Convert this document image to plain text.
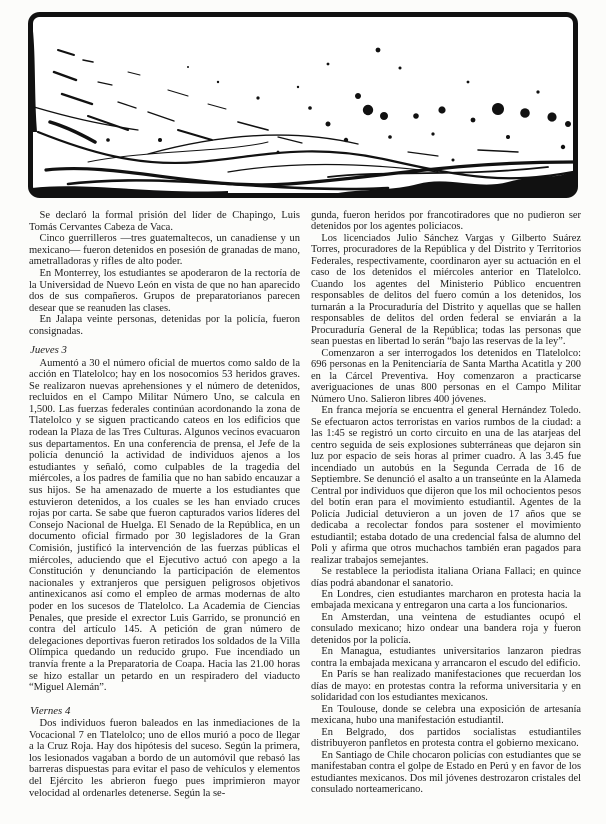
Se declaró la formal prisión del líder de Chapingo, Luis Tomás Cervantes Cabeza de Vaca.

Cinco guerrilleros —tres guatemaltecos, un canadiense y un mexicano— fueron detenidos en posesión de granadas de mano, ametralladoras y rifles de alto poder.

En Monterrey, los estudiantes se apoderaron de la rectoría de la Universidad de Nuevo León en vista de que no han aparecido dos de sus compañeros. Grupos de preparatorianos parecen desear que se reanuden las clases.

En Jalapa veinte personas, detenidas por la policía, fueron consignadas.

Jueves 3

Aumentó a 30 el número oficial de muertos como saldo de la acción en Tlatelolco; hay en los nosocomios 53 heridos graves. Se realizaron nuevas aprehensiones y el número de detenidos, recluidos en el Campo Militar Número Uno, se calcula en 1,500. Las fuerzas federales continúan acordonando la zona de Tlatelolco y se siguen practicando cateos en los edificios que rodean la Plaza de las Tres Culturas. Algunos vecinos evacuaron sus departamentos. En una conferencia de prensa, el Jefe de la policía denunció la actividad de individuos ajenos a los estudiantes y señaló, como culpables de la tragedia del miércoles, a los padres de familia que no han sabido encauzar a sus hijos. Se ha amenazado de muerte a los estudiantes que estuvieron detenidos, a los cuales se les han enviado cruces rojas por carta. Se sabe que fueron capturados varios líderes del Consejo Nacional de Huelga. El Senado de la República, en un documento oficial firmado por 30 legisladores de la Gran Comisión, justificó la intervención de las fuerzas públicas el miércoles, aduciendo que el Ejecutivo actuó con apego a la Constitución y denunciando la participación de elementos nacionales y extranjeros que persiguen peligrosos objetivos antinexicanos así como el empleo de armas modernas de alto poder en los sucesos de Tlatelolco. La Academia de Ciencias Penales, que preside el exrector Luis Garrido, se pronunció en contra del artículo 145. A petición de gran número de delegaciones deportivas fueron retirados los soldados de la Villa Olímpica quedando un reducido grupo. Fue incendiado un tranvía frente a la Preparatoria de Coapa. Hacia las 21.00 horas se hizo estallar un petardo en un respiradero del viaducto “Miguel Alemán”.

Viernes 4

Dos individuos fueron baleados en las inmediaciones de la Vocacional 7 en Tlatelolco; uno de ellos murió a poco de llegar a la Cruz Roja. Hay dos hipótesis del suceso. Según la primera, los lesionados vagaban a bordo de un automóvil que rebasó las barreras dispuestas para evitar el paso de vehículos y elementos del Ejército les abrieron fuego pues imprimieron mayor velocidad al ordenarles detenerse. Según la se-

gunda, fueron heridos por francotiradores que no pudieron ser detenidos por los agentes policiacos.

Los licenciados Julio Sánchez Vargas y Gilberto Suárez Torres, procuradores de la República y del Distrito y Territorios Federales, respectivamente, coordinaron ayer su actuación en el caso de los detenidos el miércoles anterior en Tlatelolco. Cuando los agentes del Ministerio Público encuentren responsables de delitos del fuero común a los detenidos, los turnarán a la Procuraduría del Distrito y aquellas que se hallen responsables de delitos del orden federal se enviarán a la Procuraduría General de la República; todas las personas que sean puestas en libertad lo serán “bajo las reservas de la ley”.

Comenzaron a ser interrogados los detenidos en Tlatelolco: 696 personas en la Penitenciaría de Santa Martha Acatitla y 200 en la Cárcel Preventiva. Hoy comenzaron a practicarse averiguaciones de unas 800 personas en el Campo Militar Número Uno. Salieron libres 400 jóvenes.

En franca mejoría se encuentra el general Hernández Toledo. Se efectuaron actos terroristas en varios rumbos de la ciudad: a las 1:45 se registró un corto circuito en una de las atarjeas del centro seguida de seis explosiones subterráneas que dejaron sin luz por espacio de seis horas al primer cuadro. A las 3.45 fue incendiado un autobús en la Segunda Cerrada de 16 de Septiembre. Se denunció el asalto a un transeúnte en la Alameda Central por individuos que dijeron que los mil ochocientos pesos del botín eran para el movimiento estudiantil. Agentes de la Policía Judicial detuvieron a un joven de 17 años que se dedicaba a recolectar fondos para sostener el movimiento estudiantil; estaba dotado de una credencial falsa de alumno del Poli y afirma que otros muchachos también eran pagados para realizar trabajos semejantes.

Se restablece la periodista italiana Oriana Fallaci; en quince días podrá abandonar el sanatorio.

En Londres, cien estudiantes marcharon en protesta hacia la embajada mexicana y entregaron una carta a los funcionarios.

En Amsterdan, una veintena de estudiantes ocupó el consulado mexicano; hizo ondear una bandera roja y fueron detenidos por la policía.

En Managua, estudiantes universitarios lanzaron piedras contra la embajada mexicana y arrancaron el escudo del edificio.

En París se han realizado manifestaciones que recuerdan los días de mayo: en protestas contra la reforma universitaria y en solidaridad con los estudiantes mexicanos.

En Toulouse, donde se celebra una exposición de artesanía mexicana, hubo una manifestación estudiantil.

En Belgrado, dos partidos socialistas estudiantiles distribuyeron panfletos en protesta contra el gobierno mexicano.

En Santiago de Chile chocaron policías con estudiantes que se manifestaban contra el golpe de Estado en Perú y en favor de los estudiantes mexicanos. Dos mil jóvenes destrozaron cristales del consulado norteamericano.
